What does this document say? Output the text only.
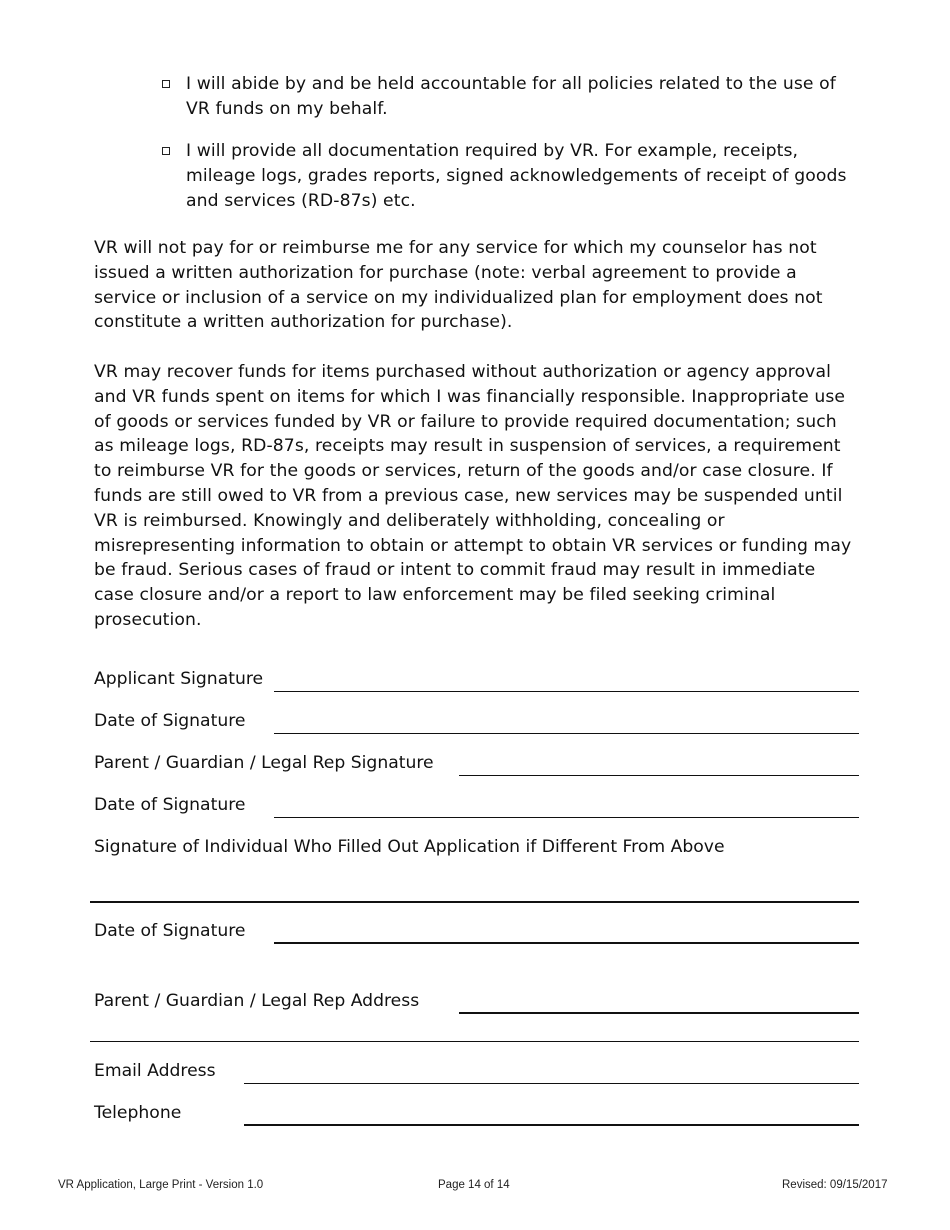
I will abide by and be held accountable for all policies related to the use of VR funds on my behalf.
I will provide all documentation required by VR. For example, receipts, mileage logs, grades reports, signed acknowledgements of receipt of goods and services (RD-87s) etc.
VR will not pay for or reimburse me for any service for which my counselor has not issued a written authorization for purchase (note: verbal agreement to provide a service or inclusion of a service on my individualized plan for employment does not constitute a written authorization for purchase).
VR may recover funds for items purchased without authorization or agency approval and VR funds spent on items for which I was financially responsible. Inappropriate use of goods or services funded by VR or failure to provide required documentation; such as mileage logs, RD-87s, receipts may result in suspension of services, a requirement to reimburse VR for the goods or services, return of the goods and/or case closure. If funds are still owed to VR from a previous case, new services may be suspended until VR is reimbursed. Knowingly and deliberately withholding, concealing or misrepresenting information to obtain or attempt to obtain VR services or funding may be fraud. Serious cases of fraud or intent to commit fraud may result in immediate case closure and/or a report to law enforcement may be filed seeking criminal prosecution.
Applicant Signature
Date of Signature
Parent / Guardian / Legal Rep Signature
Date of Signature
Signature of Individual Who Filled Out Application if Different From Above
Date of Signature
Parent / Guardian / Legal Rep Address
Email Address
Telephone
VR Application, Large Print - Version 1.0	Page 14 of 14	Revised: 09/15/2017
